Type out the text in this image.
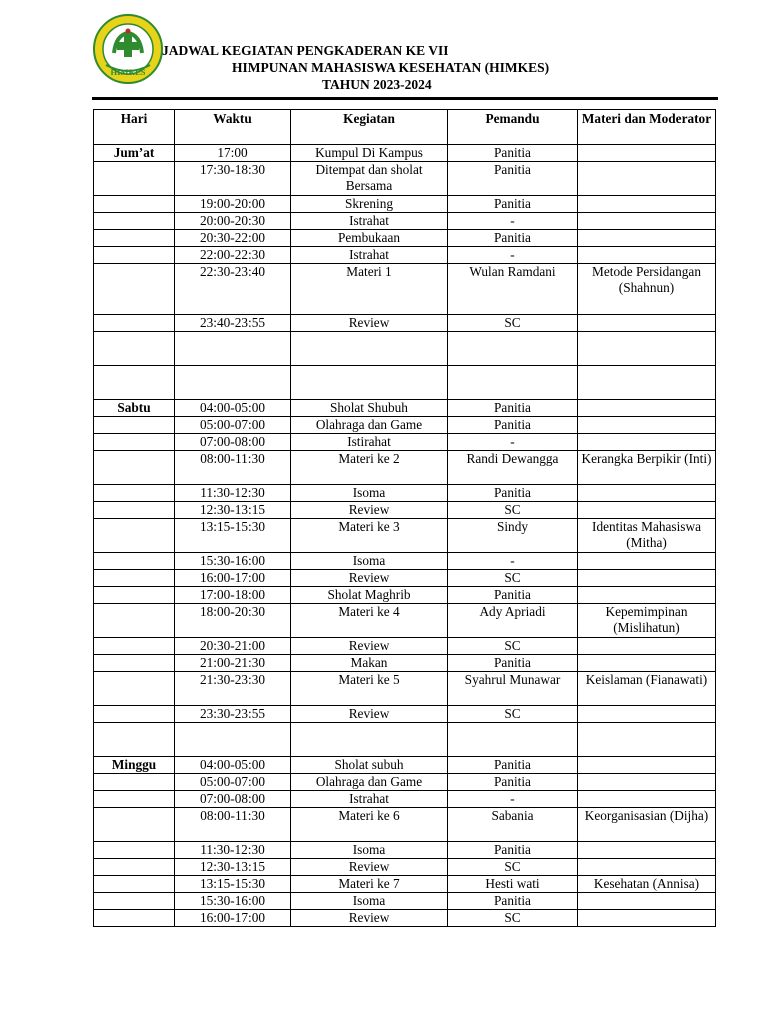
HIMKES
JADWAL KEGIATAN PENGKADERAN KE VII
HIMPUNAN MAHASISWA KESEHATAN (HIMKES)
TAHUN 2023-2024
Hari	Waktu	Kegiatan	Pemandu	Materi dan Moderator
Jum’at	17:00	Kumpul Di Kampus	Panitia	
	17:30-18:30	Ditempat dan sholat Bersama	Panitia	
	19:00-20:00	Skrening	Panitia	
	20:00-20:30	Istrahat	-	
	20:30-22:00	Pembukaan	Panitia	
	22:00-22:30	Istrahat	-	
	22:30-23:40	Materi 1	Wulan Ramdani	Metode Persidangan (Shahnun)
	23:40-23:55	Review	SC	

Sabtu	04:00-05:00	Sholat Shubuh	Panitia	
	05:00-07:00	Olahraga dan Game	Panitia	
	07:00-08:00	Istirahat	-	
	08:00-11:30	Materi ke 2	Randi Dewangga	Kerangka Berpikir (Inti)
	11:30-12:30	Isoma	Panitia	
	12:30-13:15	Review	SC	
	13:15-15:30	Materi ke 3	Sindy	Identitas Mahasiswa (Mitha)
	15:30-16:00	Isoma	-	
	16:00-17:00	Review	SC	
	17:00-18:00	Sholat Maghrib	Panitia	
	18:00-20:30	Materi ke 4	Ady Apriadi	Kepemimpinan (Mislihatun)
	20:30-21:00	Review	SC	
	21:00-21:30	Makan	Panitia	
	21:30-23:30	Materi ke 5	Syahrul Munawar	Keislaman (Fianawati)
	23:30-23:55	Review	SC	

Minggu	04:00-05:00	Sholat subuh	Panitia	
	05:00-07:00	Olahraga dan Game	Panitia	
	07:00-08:00	Istrahat	-	
	08:00-11:30	Materi ke 6	Sabania	Keorganisasian (Dijha)
	11:30-12:30	Isoma	Panitia	
	12:30-13:15	Review	SC	
	13:15-15:30	Materi ke 7	Hesti wati	Kesehatan (Annisa)
	15:30-16:00	Isoma	Panitia	
	16:00-17:00	Review	SC	
